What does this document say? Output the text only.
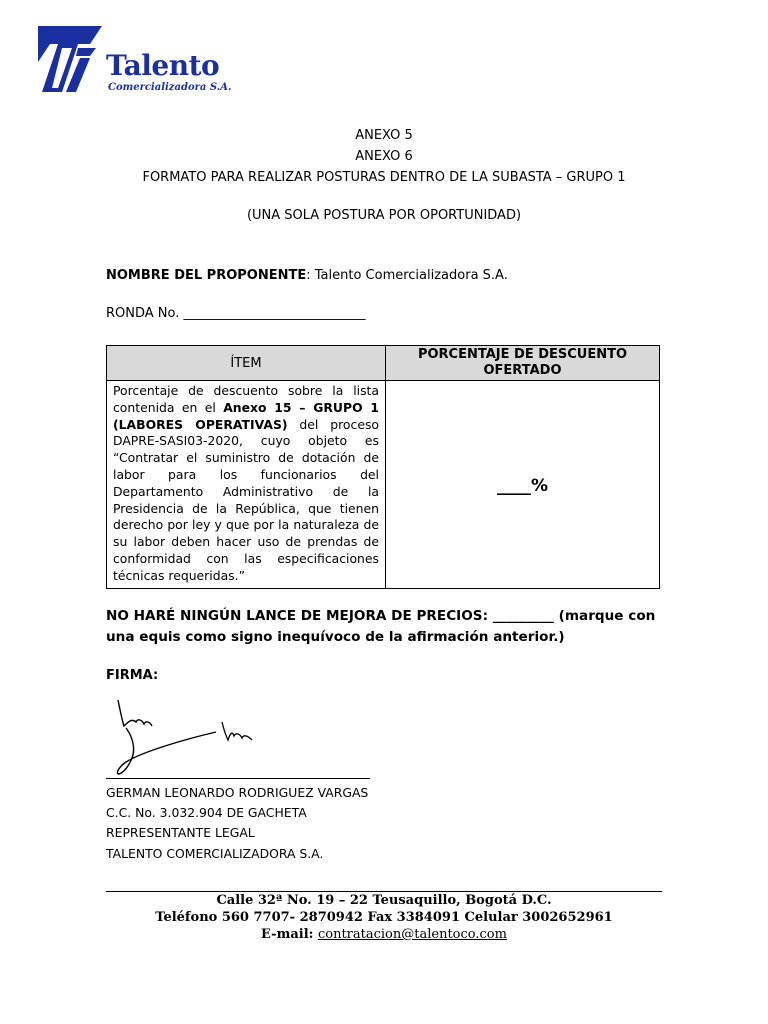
Talento
Comercializadora S.A.
ANEXO 5
ANEXO 6
FORMATO PARA REALIZAR POSTURAS DENTRO DE LA SUBASTA – GRUPO 1
(UNA SOLA POSTURA POR OPORTUNIDAD)
NOMBRE DEL PROPONENTE: Talento Comercializadora S.A.
RONDA No. ____________________________
ÍTEM
PORCENTAJE DE DESCUENTO OFERTADO
Porcentaje de descuento sobre la lista contenida en el Anexo 15 – GRUPO 1 (LABORES OPERATIVAS) del proceso DAPRE-SASI03-2020, cuyo objeto es “Contratar el suministro de dotación de labor para los funcionarios del Departamento Administrativo de la Presidencia de la República, que tienen derecho por ley y que por la naturaleza de su labor deben hacer uso de prendas de conformidad con las especificaciones técnicas requeridas.”
____%
NO HARÉ NINGÚN LANCE DE MEJORA DE PRECIOS: _________ (marque con una equis como signo inequívoco de la afirmación anterior.)
FIRMA:
GERMAN LEONARDO RODRIGUEZ VARGAS
C.C. No. 3.032.904 DE GACHETA
REPRESENTANTE LEGAL
TALENTO COMERCIALIZADORA S.A.
Calle 32ª No. 19 – 22 Teusaquillo, Bogotá D.C.
Teléfono 560 7707- 2870942 Fax 3384091 Celular 3002652961
E-mail: contratacion@talentoco.com
